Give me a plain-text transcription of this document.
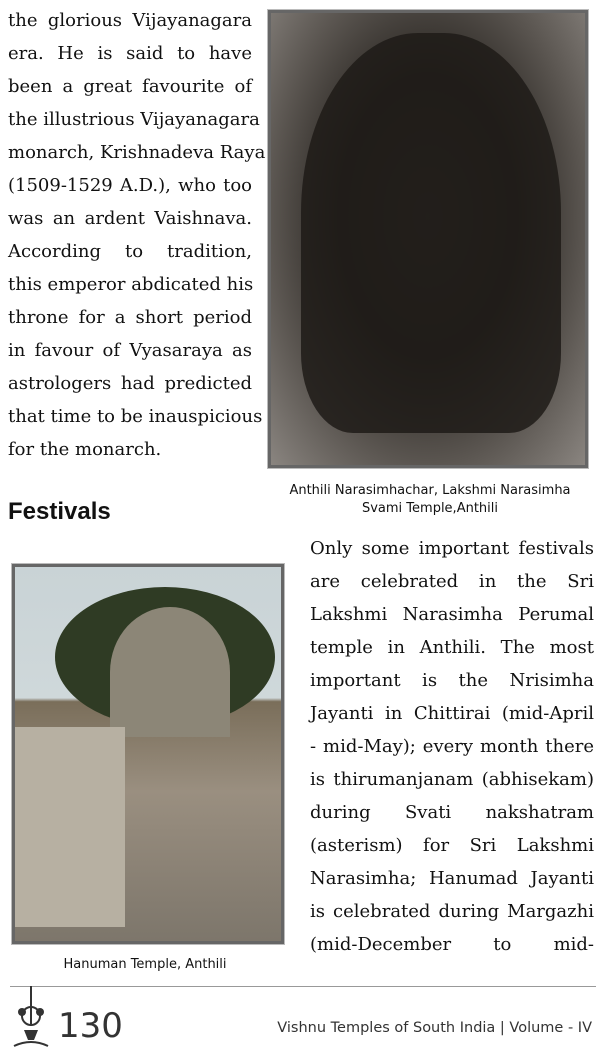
the glorious Vijayanagara
era. He is said to have
been a great favourite of
the illustrious Vijayanagara
monarch, Krishnadeva Raya
(1509-1529 A.D.), who too
was an ardent Vaishnava.
According to tradition,
this emperor abdicated his
throne for a short period
in favour of Vyasaraya as
astrologers had predicted
that time to be inauspicious
for the monarch.
Anthili Narasimhachar, Lakshmi Narasimha
Svami Temple,Anthili
Festivals
Hanuman Temple, Anthili
Only some important festivals
are celebrated in the Sri
Lakshmi Narasimha Perumal
temple in Anthili. The most
important is the Nrisimha
Jayanti in Chittirai (mid-April
- mid-May); every month there
is thirumanjanam (abhisekam)
during Svati nakshatram
(asterism) for Sri Lakshmi
Narasimha; Hanumad Jayanti
is celebrated during Margazhi
(mid-December to mid-
130	Vishnu Temples of South India | Volume - IV
